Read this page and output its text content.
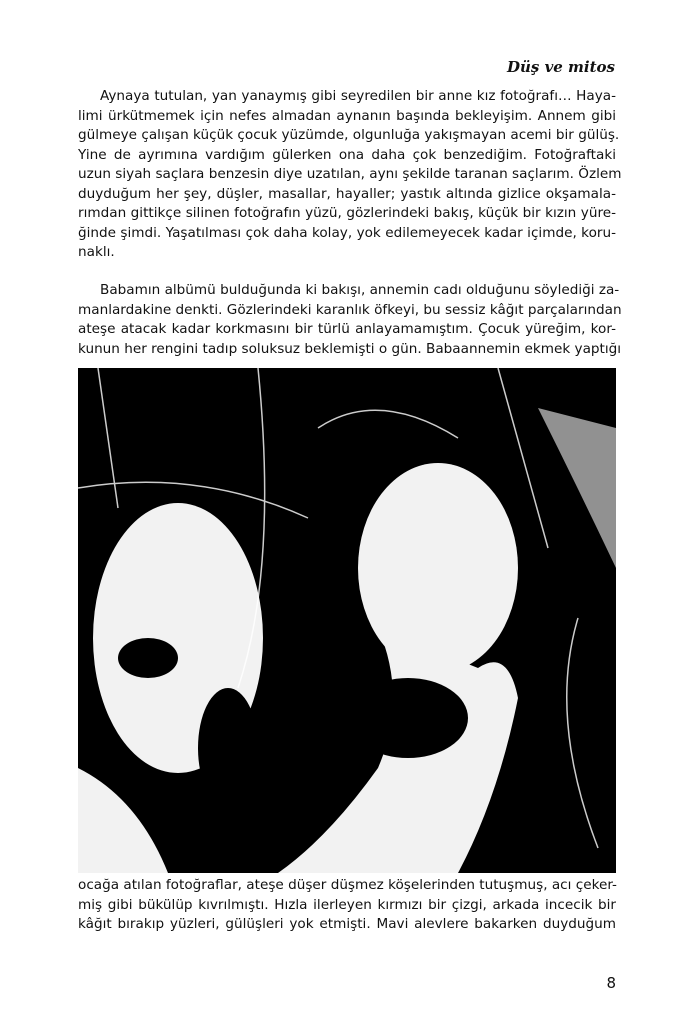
Düş ve mitos
Aynaya tutulan, yan yanaymış gibi seyredilen bir anne kız fotoğrafı… Haya-
limi ürkütmemek için nefes almadan aynanın başında bekleyişim. Annem gibi
gülmeye çalışan küçük çocuk yüzümde, olgunluğa yakışmayan acemi bir gülüş.
Yine de ayrımına vardığım gülerken ona daha çok benzediğim. Fotoğraftaki
uzun siyah saçlara benzesin diye uzatılan, aynı şekilde taranan saçlarım. Özlem
duyduğum her şey, düşler, masallar, hayaller; yastık altında gizlice okşamala-
rımdan gittikçe silinen fotoğrafın yüzü, gözlerindeki bakış, küçük bir kızın yüre-
ğinde şimdi. Yaşatılması çok daha kolay, yok edilemeyecek kadar içimde, koru-
naklı.
Babamın albümü bulduğunda ki bakışı, annemin cadı olduğunu söylediği za-
manlardakine denkti. Gözlerindeki karanlık öfkeyi, bu sessiz kâğıt parçalarından
ateşe atacak kadar korkmasını bir türlü anlayamamıştım. Çocuk yüreğim, kor-
kunun her rengini tadıp soluksuz beklemişti o gün. Babaannemin ekmek yaptığı
ocağa atılan fotoğraflar, ateşe düşer düşmez köşelerinden tutuşmuş, acı çeker-
miş gibi bükülüp kıvrılmıştı. Hızla ilerleyen kırmızı bir çizgi, arkada incecik bir
kâğıt bırakıp yüzleri, gülüşleri yok etmişti. Mavi alevlere bakarken duyduğum
8
